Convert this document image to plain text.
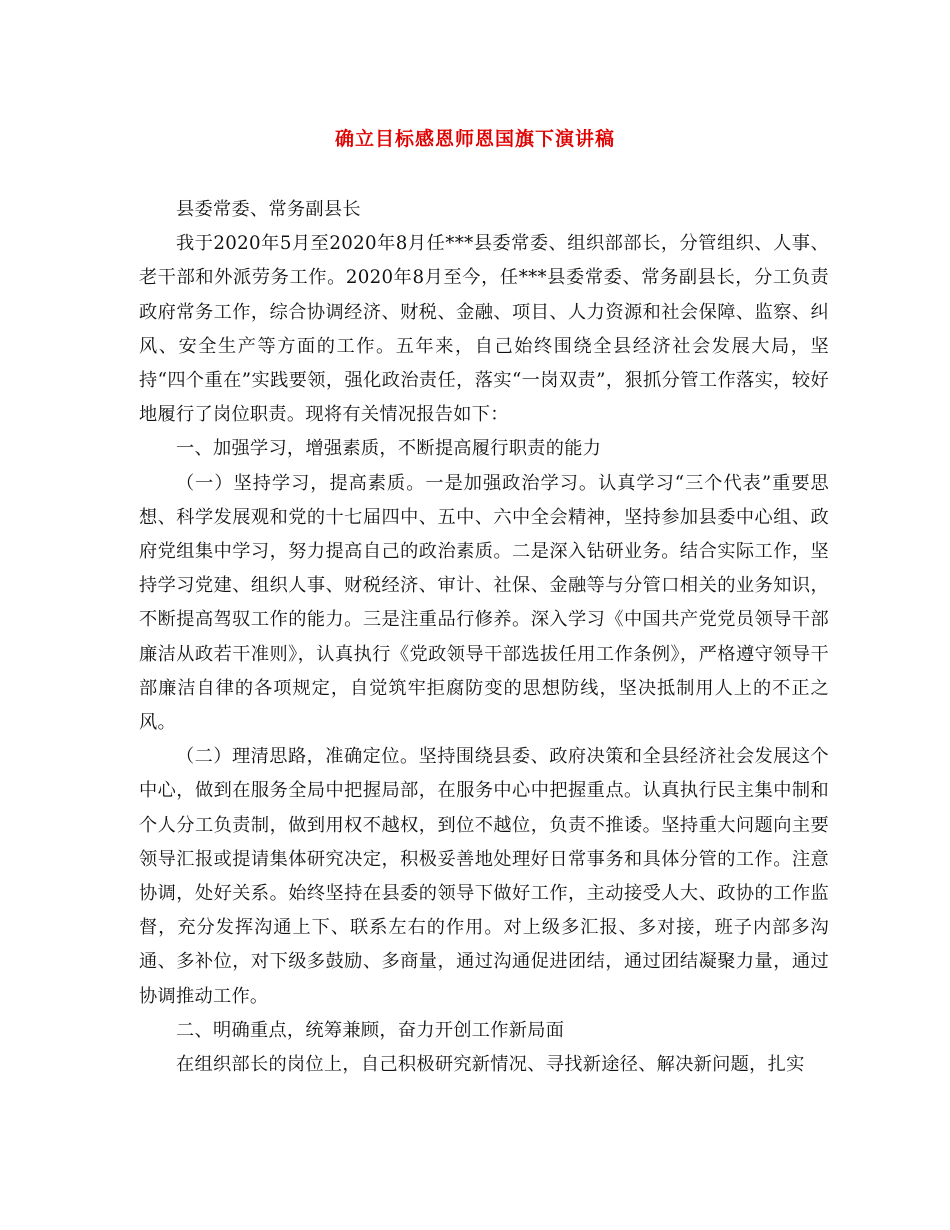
确立目标感恩师恩国旗下演讲稿

县委常委、常务副县长

我于2020年5月至2020年8月任***县委常委、组织部部长，分管组织、人事、老干部和外派劳务工作。2020年8月至今，任***县委常委、常务副县长，分工负责政府常务工作，综合协调经济、财税、金融、项目、人力资源和社会保障、监察、纠风、安全生产等方面的工作。五年来，自己始终围绕全县经济社会发展大局，坚持“四个重在”实践要领，强化政治责任，落实“一岗双责”，狠抓分管工作落实，较好地履行了岗位职责。现将有关情况报告如下：

一、加强学习，增强素质，不断提高履行职责的能力

（一）坚持学习，提高素质。一是加强政治学习。认真学习“三个代表”重要思想、科学发展观和党的十七届四中、五中、六中全会精神，坚持参加县委中心组、政府党组集中学习，努力提高自己的政治素质。二是深入钻研业务。结合实际工作，坚持学习党建、组织人事、财税经济、审计、社保、金融等与分管口相关的业务知识，不断提高驾驭工作的能力。三是注重品行修养。深入学习《中国共产党党员领导干部廉洁从政若干准则》，认真执行《党政领导干部选拔任用工作条例》，严格遵守领导干部廉洁自律的各项规定，自觉筑牢拒腐防变的思想防线，坚决抵制用人上的不正之风。

（二）理清思路，准确定位。坚持围绕县委、政府决策和全县经济社会发展这个中心，做到在服务全局中把握局部，在服务中心中把握重点。认真执行民主集中制和个人分工负责制，做到用权不越权，到位不越位，负责不推诿。坚持重大问题向主要领导汇报或提请集体研究决定，积极妥善地处理好日常事务和具体分管的工作。注意协调，处好关系。始终坚持在县委的领导下做好工作，主动接受人大、政协的工作监督，充分发挥沟通上下、联系左右的作用。对上级多汇报、多对接，班子内部多沟通、多补位，对下级多鼓励、多商量，通过沟通促进团结，通过团结凝聚力量，通过协调推动工作。

二、明确重点，统筹兼顾，奋力开创工作新局面

在组织部长的岗位上，自己积极研究新情况、寻找新途径、解决新问题，扎实
